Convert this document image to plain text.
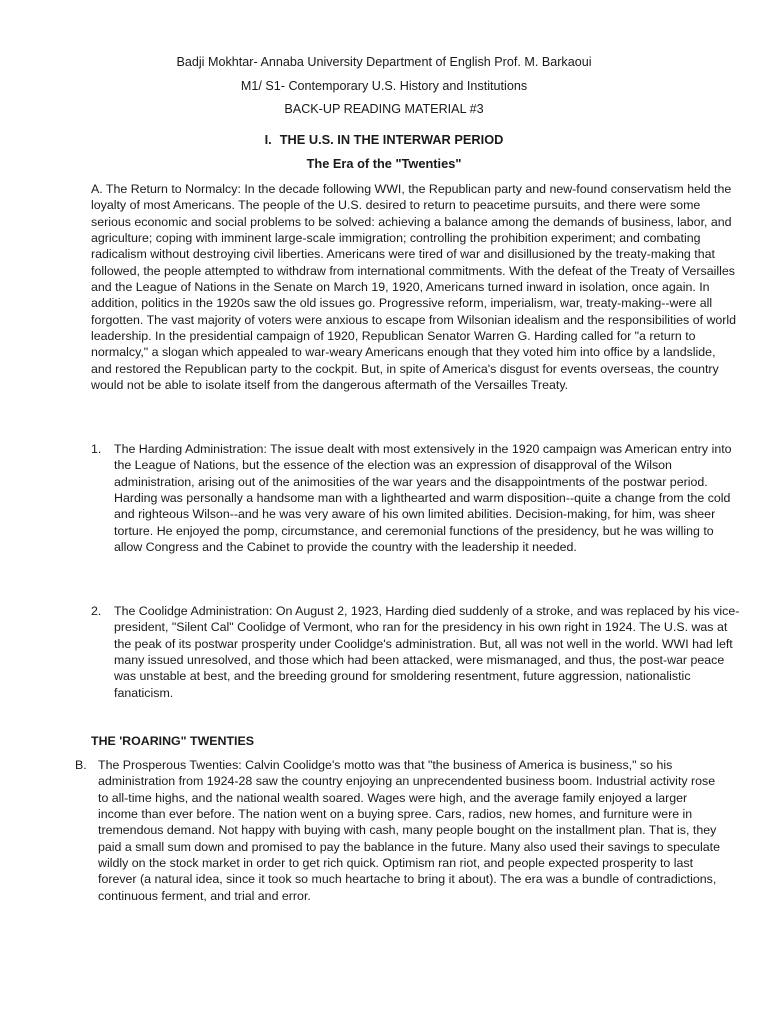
Badji Mokhtar- Annaba University Department of English Prof. M. Barkaoui
M1/ S1- Contemporary U.S. History and Institutions
BACK-UP READING MATERIAL #3
I. THE U.S. IN THE INTERWAR PERIOD
The Era of the "Twenties"
A. The Return to Normalcy: In the decade following WWI, the Republican party and new-found conservatism held the loyalty of most Americans. The people of the U.S. desired to return to peacetime pursuits, and there were some serious economic and social problems to be solved: achieving a balance among the demands of business, labor, and agriculture; coping with imminent large-scale immigration; controlling the prohibition experiment; and combating radicalism without destroying civil liberties. Americans were tired of war and disillusioned by the treaty-making that followed, the people attempted to withdraw from international commitments. With the defeat of the Treaty of Versailles and the League of Nations in the Senate on March 19, 1920, Americans turned inward in isolation, once again. In addition, politics in the 1920s saw the old issues go. Progressive reform, imperialism, war, treaty-making--were all forgotten. The vast majority of voters were anxious to escape from Wilsonian idealism and the responsibilities of world leadership. In the presidential campaign of 1920, Republican Senator Warren G. Harding called for "a return to normalcy," a slogan which appealed to war-weary Americans enough that they voted him into office by a landslide, and restored the Republican party to the cockpit. But, in spite of America's disgust for events overseas, the country would not be able to isolate itself from the dangerous aftermath of the Versailles Treaty.
1. The Harding Administration: The issue dealt with most extensively in the 1920 campaign was American entry into the League of Nations, but the essence of the election was an expression of disapproval of the Wilson administration, arising out of the animosities of the war years and the disappointments of the postwar period. Harding was personally a handsome man with a lighthearted and warm disposition--quite a change from the cold and righteous Wilson--and he was very aware of his own limited abilities. Decision-making, for him, was sheer torture. He enjoyed the pomp, circumstance, and ceremonial functions of the presidency, but he was willing to allow Congress and the Cabinet to provide the country with the leadership it needed.
2. The Coolidge Administration: On August 2, 1923, Harding died suddenly of a stroke, and was replaced by his vice-president, "Silent Cal" Coolidge of Vermont, who ran for the presidency in his own right in 1924. The U.S. was at the peak of its postwar prosperity under Coolidge's administration. But, all was not well in the world. WWI had left many issued unresolved, and those which had been attacked, were mismanaged, and thus, the post-war peace was unstable at best, and the breeding ground for smoldering resentment, future aggression, nationalistic fanaticism.
THE 'ROARING" TWENTIES
B. The Prosperous Twenties: Calvin Coolidge's motto was that "the business of America is business," so his administration from 1924-28 saw the country enjoying an unprecendented business boom. Industrial activity rose to all-time highs, and the national wealth soared. Wages were high, and the average family enjoyed a larger income than ever before. The nation went on a buying spree. Cars, radios, new homes, and furniture were in tremendous demand. Not happy with buying with cash, many people bought on the installment plan. That is, they paid a small sum down and promised to pay the bablance in the future. Many also used their savings to speculate wildly on the stock market in order to get rich quick. Optimism ran riot, and people expected prosperity to last forever (a natural idea, since it took so much heartache to bring it about). The era was a bundle of contradictions, continuous ferment, and trial and error.
